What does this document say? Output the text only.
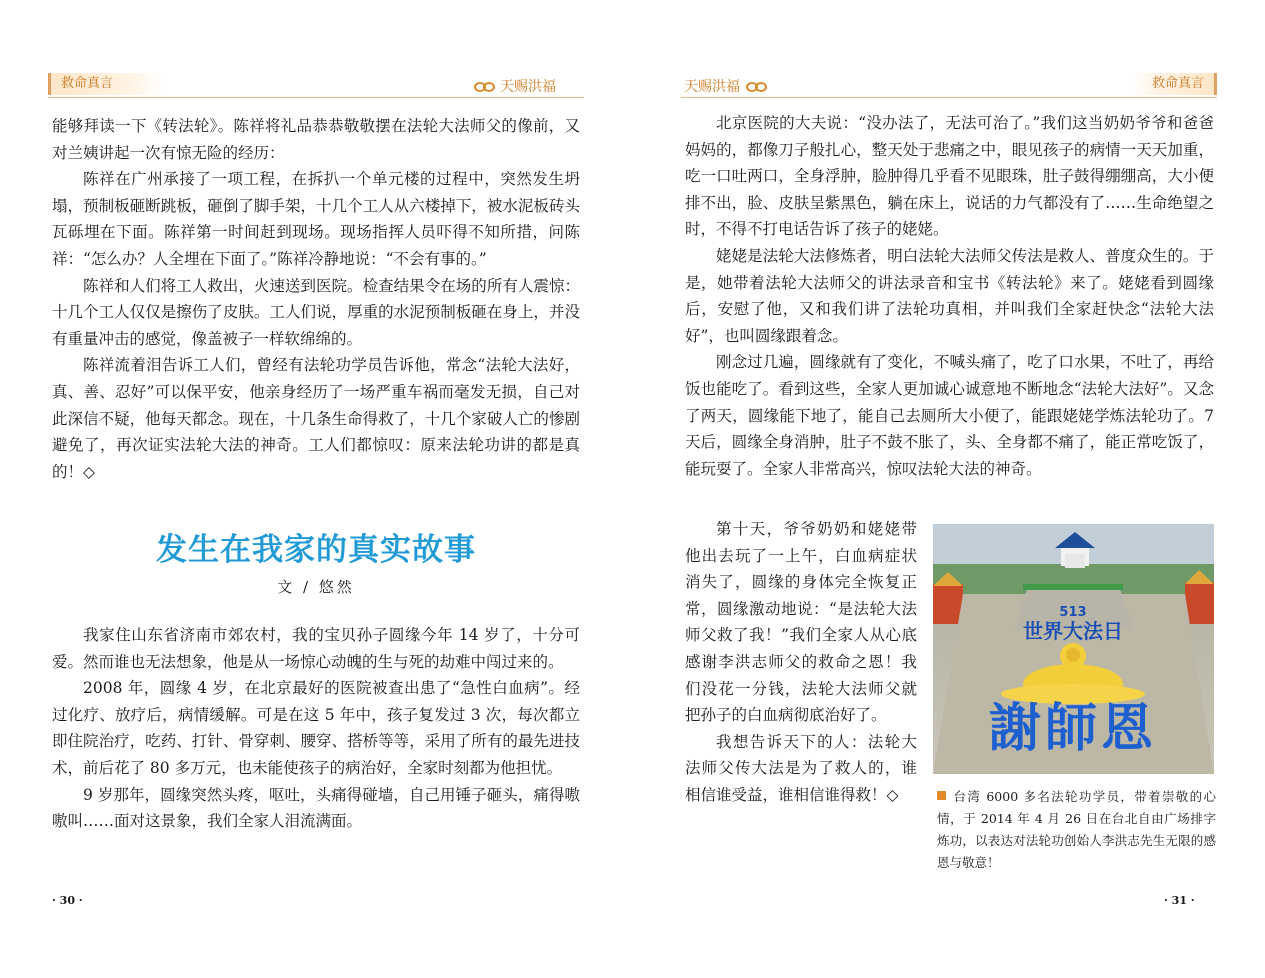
救命真言	天赐洪福

能够拜读一下《转法轮》。陈祥将礼品恭恭敬敬摆在法轮大法师父的像前，又对兰姨讲起一次有惊无险的经历：

陈祥在广州承接了一项工程，在拆扒一个单元楼的过程中，突然发生坍塌，预制板砸断跳板，砸倒了脚手架，十几个工人从六楼掉下，被水泥板砖头瓦砾埋在下面。陈祥第一时间赶到现场。现场指挥人员吓得不知所措，问陈祥：“怎么办？人全埋在下面了。”陈祥冷静地说：“不会有事的。”

陈祥和人们将工人救出，火速送到医院。检查结果令在场的所有人震惊：十几个工人仅仅是擦伤了皮肤。工人们说，厚重的水泥预制板砸在身上，并没有重量冲击的感觉，像盖被子一样软绵绵的。

陈祥流着泪告诉工人们，曾经有法轮功学员告诉他，常念“法轮大法好，真、善、忍好”可以保平安，他亲身经历了一场严重车祸而毫发无损，自己对此深信不疑，他每天都念。现在，十几条生命得救了，十几个家破人亡的惨剧避免了，再次证实法轮大法的神奇。工人们都惊叹：原来法轮功讲的都是真的！◇

发生在我家的真实故事
文 / 悠然

我家住山东省济南市郊农村，我的宝贝孙子圆缘今年 14 岁了，十分可爱。然而谁也无法想象，他是从一场惊心动魄的生与死的劫难中闯过来的。

2008 年，圆缘 4 岁，在北京最好的医院被查出患了“急性白血病”。经过化疗、放疗后，病情缓解。可是在这 5 年中，孩子复发过 3 次，每次都立即住院治疗，吃药、打针、骨穿刺、腰穿、搭桥等等，采用了所有的最先进技术，前后花了 80 多万元，也未能使孩子的病治好，全家时刻都为他担忧。

9 岁那年，圆缘突然头疼，呕吐，头痛得碰墙，自己用锤子砸头，痛得嗷嗷叫……面对这景象，我们全家人泪流满面。

· 30 ·
天赐洪福	救命真言

北京医院的大夫说：“没办法了，无法可治了。”我们这当奶奶爷爷和爸爸妈妈的，都像刀子般扎心，整天处于悲痛之中，眼见孩子的病情一天天加重，吃一口吐两口，全身浮肿，脸肿得几乎看不见眼珠，肚子鼓得绷绷高，大小便排不出，脸、皮肤呈紫黑色，躺在床上，说话的力气都没有了……生命绝望之时，不得不打电话告诉了孩子的姥姥。

姥姥是法轮大法修炼者，明白法轮大法师父传法是救人、普度众生的。于是，她带着法轮大法师父的讲法录音和宝书《转法轮》来了。姥姥看到圆缘后，安慰了他，又和我们讲了法轮功真相，并叫我们全家赶快念“法轮大法好”，也叫圆缘跟着念。

刚念过几遍，圆缘就有了变化，不喊头痛了，吃了口水果，不吐了，再给饭也能吃了。看到这些，全家人更加诚心诚意地不断地念“法轮大法好”。又念了两天，圆缘能下地了，能自己去厕所大小便了，能跟姥姥学炼法轮功了。7 天后，圆缘全身消肿，肚子不鼓不胀了，头、全身都不痛了，能正常吃饭了，能玩耍了。全家人非常高兴，惊叹法轮大法的神奇。

第十天，爷爷奶奶和姥姥带他出去玩了一上午，白血病症状消失了，圆缘的身体完全恢复正常，圆缘激动地说：“是法轮大法师父救了我！”我们全家人从心底感谢李洪志师父的救命之恩！我们没花一分钱，法轮大法师父就把孙子的白血病彻底治好了。

我想告诉天下的人：法轮大法师父传大法是为了救人的，谁相信谁受益，谁相信谁得救！◇

513
世界大法日
謝師恩
台湾 6000 多名法轮功学员，带着崇敬的心情，于 2014 年 4 月 26 日在台北自由广场排字炼功，以表达对法轮功创始人李洪志先生无限的感恩与敬意！
· 31 ·
